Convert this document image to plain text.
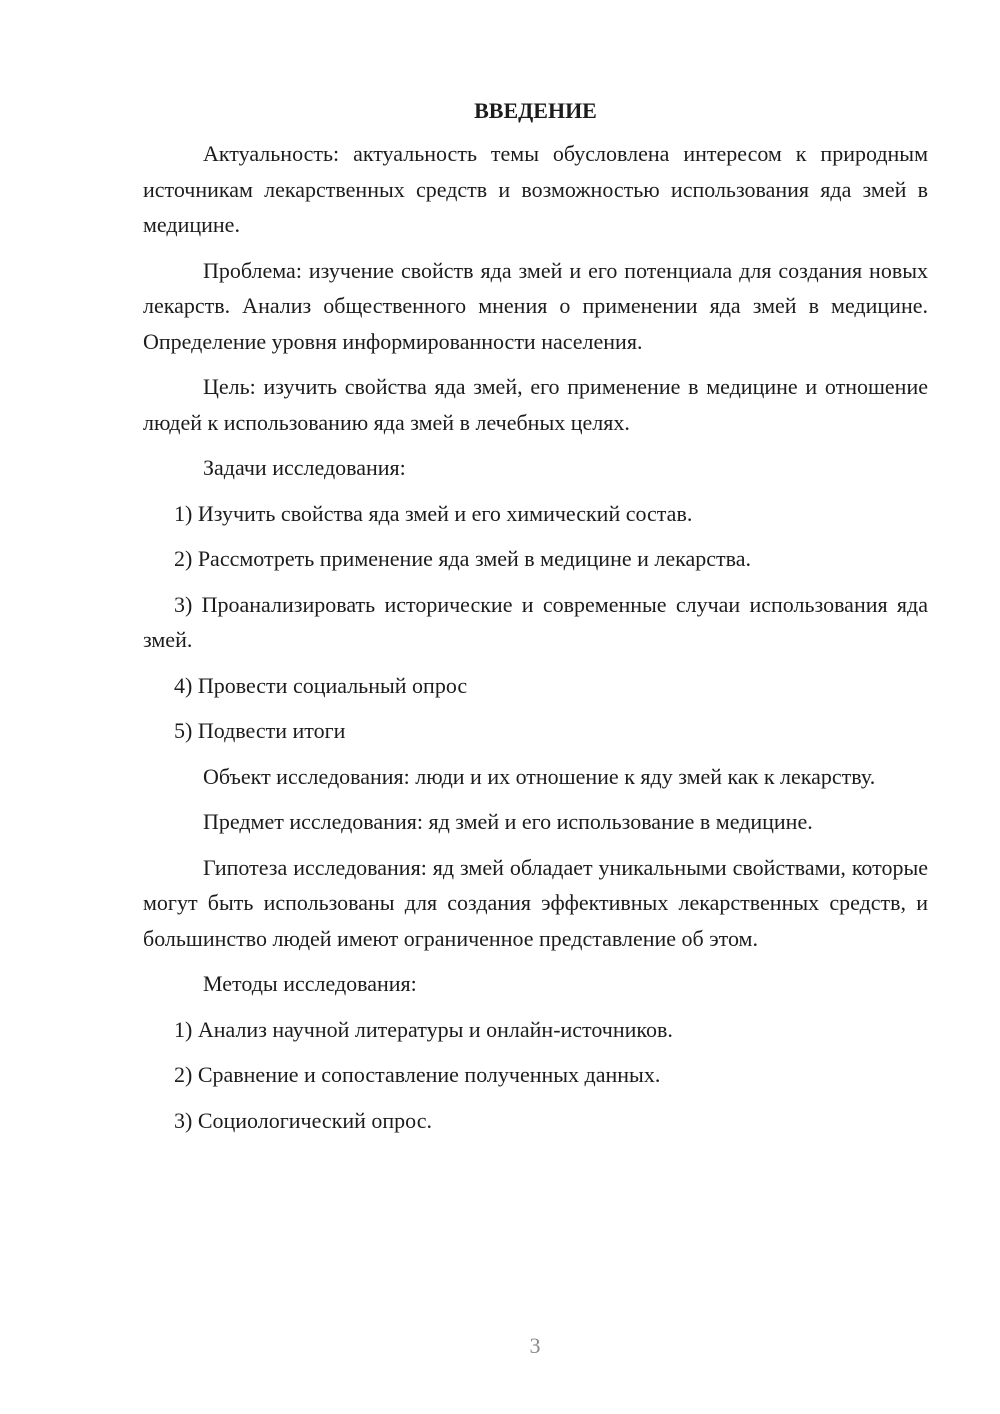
ВВЕДЕНИЕ

Актуальность: актуальность темы обусловлена интересом к природным источникам лекарственных средств и возможностью использования яда змей в медицине.

Проблема: изучение свойств яда змей и его потенциала для создания новых лекарств. Анализ общественного мнения о применении яда змей в медицине. Определение уровня информированности населения.

Цель: изучить свойства яда змей, его применение в медицине и отношение людей к использованию яда змей в лечебных целях.

Задачи исследования:

1) Изучить свойства яда змей и его химический состав.

2) Рассмотреть применение яда змей в медицине и лекарства.

3) Проанализировать исторические и современные случаи использования яда змей.

4) Провести социальный опрос

5) Подвести итоги

Объект исследования: люди и их отношение к яду змей как к лекарству.

Предмет исследования: яд змей и его использование в медицине.

Гипотеза исследования: яд змей обладает уникальными свойствами, которые могут быть использованы для создания эффективных лекарственных средств, и большинство людей имеют ограниченное представление об этом.

Методы исследования:

1) Анализ научной литературы и онлайн-источников.

2) Сравнение и сопоставление полученных данных.

3) Социологический опрос.

3
